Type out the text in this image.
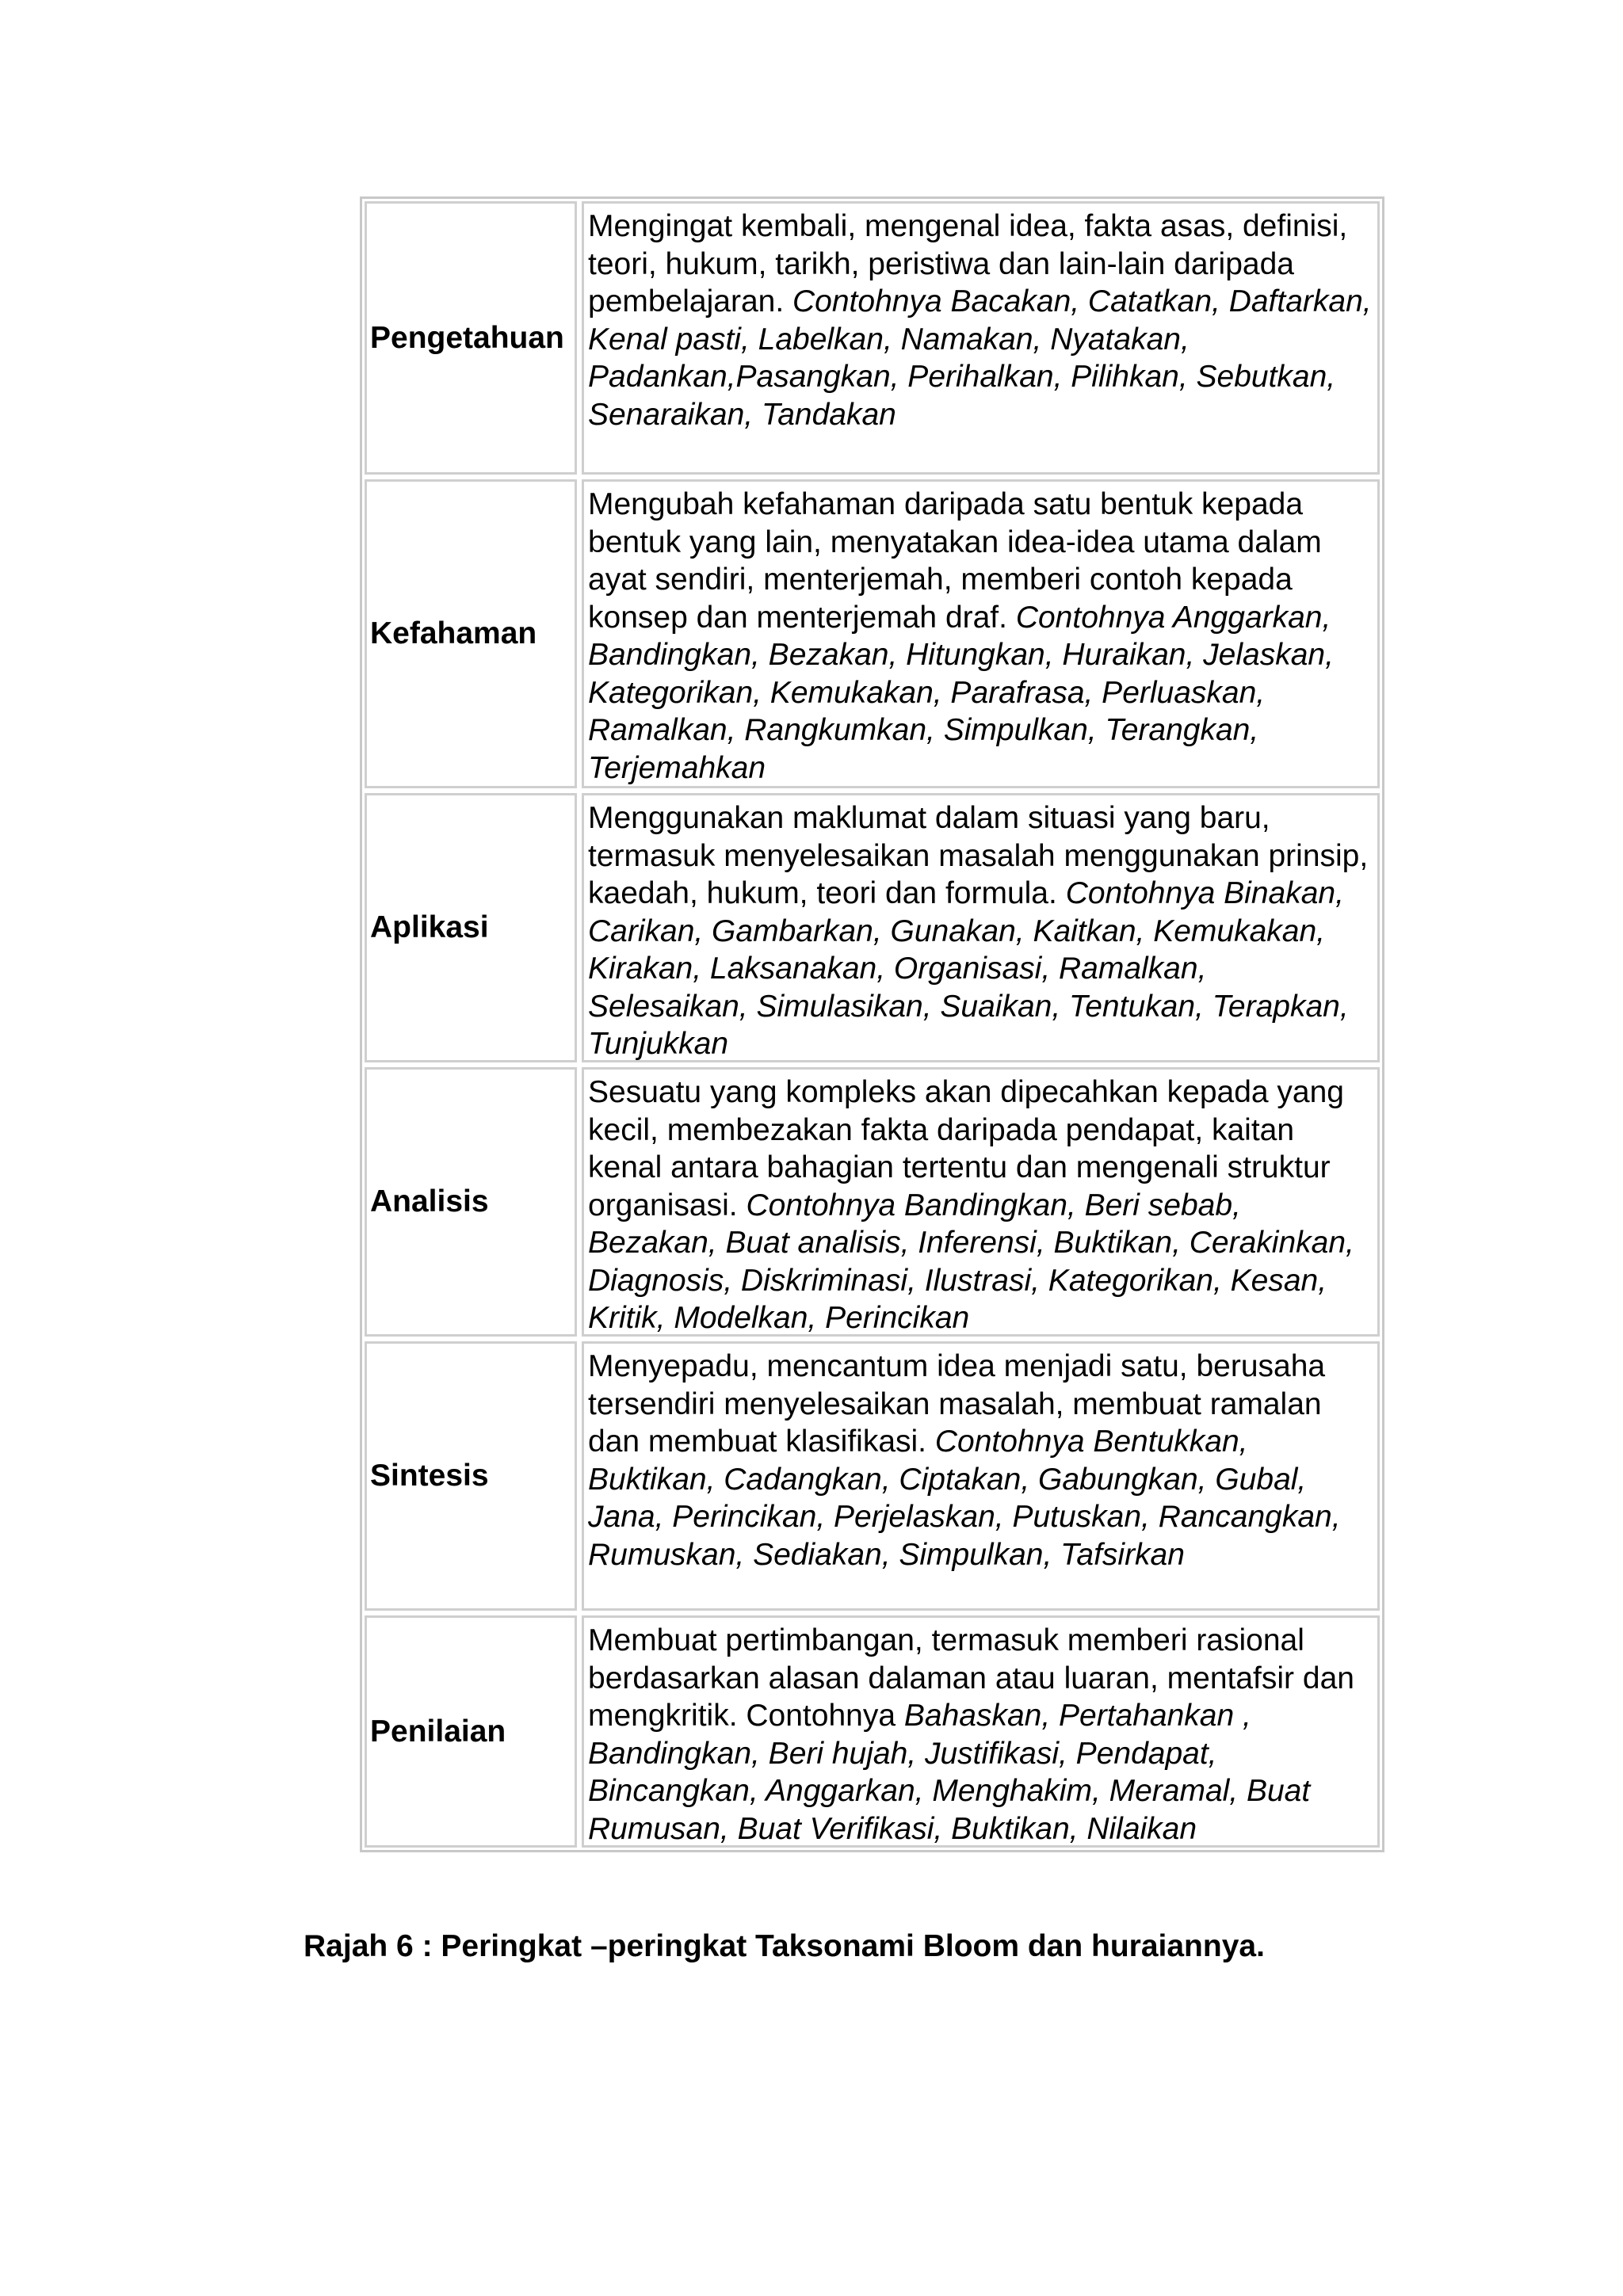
Pengetahuan
Mengingat kembali, mengenal idea, fakta asas, definisi, teori, hukum, tarikh, peristiwa dan lain-lain daripada pembelajaran. Contohnya Bacakan, Catatkan, Daftarkan, Kenal pasti, Labelkan, Namakan, Nyatakan, Padankan,Pasangkan, Perihalkan, Pilihkan, Sebutkan, Senaraikan, Tandakan
Kefahaman
Mengubah kefahaman daripada satu bentuk kepada bentuk yang lain, menyatakan idea-idea utama dalam ayat sendiri, menterjemah, memberi contoh kepada konsep dan menterjemah draf. Contohnya Anggarkan, Bandingkan, Bezakan, Hitungkan, Huraikan, Jelaskan, Kategorikan, Kemukakan, Parafrasa, Perluaskan, Ramalkan, Rangkumkan, Simpulkan, Terangkan, Terjemahkan
Aplikasi
Menggunakan maklumat dalam situasi yang baru, termasuk menyelesaikan masalah menggunakan prinsip, kaedah, hukum, teori dan formula. Contohnya Binakan, Carikan, Gambarkan, Gunakan, Kaitkan, Kemukakan, Kirakan, Laksanakan, Organisasi, Ramalkan, Selesaikan, Simulasikan, Suaikan, Tentukan, Terapkan, Tunjukkan
Analisis
Sesuatu yang kompleks akan dipecahkan kepada yang kecil, membezakan fakta daripada pendapat, kaitan kenal antara bahagian tertentu dan mengenali struktur organisasi. Contohnya Bandingkan, Beri sebab, Bezakan, Buat analisis, Inferensi, Buktikan, Cerakinkan, Diagnosis, Diskriminasi, Ilustrasi, Kategorikan, Kesan, Kritik, Modelkan, Perincikan
Sintesis
Menyepadu, mencantum idea menjadi satu, berusaha tersendiri menyelesaikan masalah, membuat ramalan dan membuat klasifikasi. Contohnya Bentukkan, Buktikan, Cadangkan, Ciptakan, Gabungkan, Gubal, Jana, Perincikan, Perjelaskan, Putuskan, Rancangkan, Rumuskan, Sediakan, Simpulkan, Tafsirkan
Penilaian
Membuat pertimbangan, termasuk memberi rasional berdasarkan alasan dalaman atau luaran, mentafsir dan mengkritik. Contohnya Bahaskan, Pertahankan , Bandingkan, Beri hujah, Justifikasi, Pendapat, Bincangkan, Anggarkan, Menghakim, Meramal, Buat Rumusan, Buat Verifikasi, Buktikan, Nilaikan
Rajah 6 : Peringkat –peringkat Taksonami Bloom dan huraiannya.
